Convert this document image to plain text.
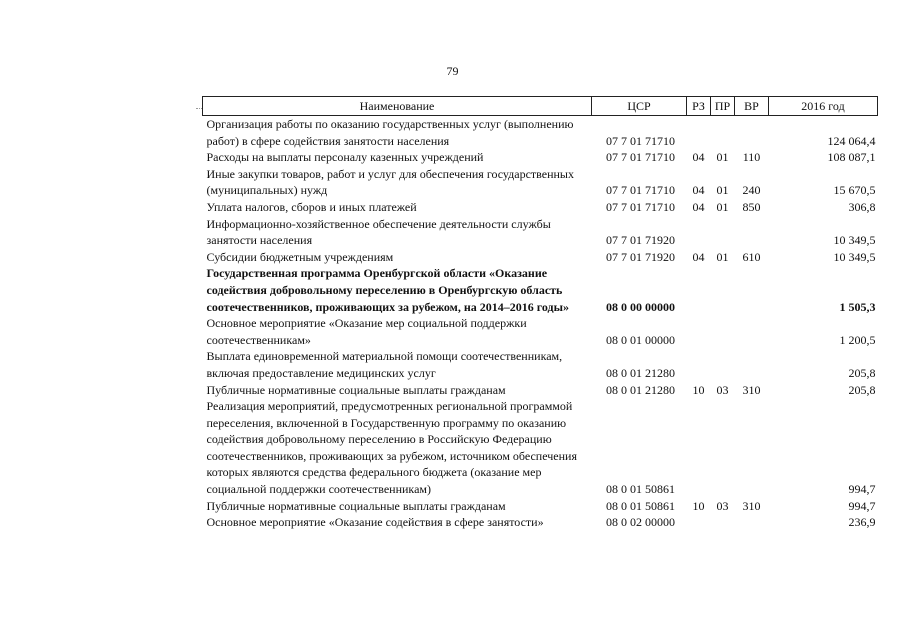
79
Наименование	ЦСР	РЗ	ПР	ВР	2016 год
Организация работы по оказанию государственных услуг (выполнению работ) в сфере содействия занятости населения	07 7 01 71710				124 064,4
Расходы на выплаты персоналу казенных учреждений	07 7 01 71710	04	01	110	108 087,1
Иные закупки товаров, работ и услуг для обеспечения государственных (муниципальных) нужд	07 7 01 71710	04	01	240	15 670,5
Уплата налогов, сборов и иных платежей	07 7 01 71710	04	01	850	306,8
Информационно-хозяйственное обеспечение деятельности службы занятости населения	07 7 01 71920				10 349,5
Субсидии бюджетным учреждениям	07 7 01 71920	04	01	610	10 349,5
Государственная программа Оренбургской области «Оказание содействия добровольному переселению в Оренбургскую область соотечественников, проживающих за рубежом, на 2014–2016 годы»	08 0 00 00000				1 505,3
Основное мероприятие «Оказание мер социальной поддержки соотечественникам»	08 0 01 00000				1 200,5
Выплата единовременной материальной помощи соотечественникам, включая предоставление медицинских услуг	08 0 01 21280				205,8
Публичные нормативные социальные выплаты гражданам	08 0 01 21280	10	03	310	205,8
Реализация мероприятий, предусмотренных региональной программой переселения, включенной в Государственную программу по оказанию содействия добровольному переселению в Российскую Федерацию соотечественников, проживающих за рубежом, источником обеспечения которых являются средства федерального бюджета (оказание мер социальной поддержки соотечественникам)	08 0 01 50861				994,7
Публичные нормативные социальные выплаты гражданам	08 0 01 50861	10	03	310	994,7
Основное мероприятие «Оказание содействия в сфере занятости»	08 0 02 00000				236,9
